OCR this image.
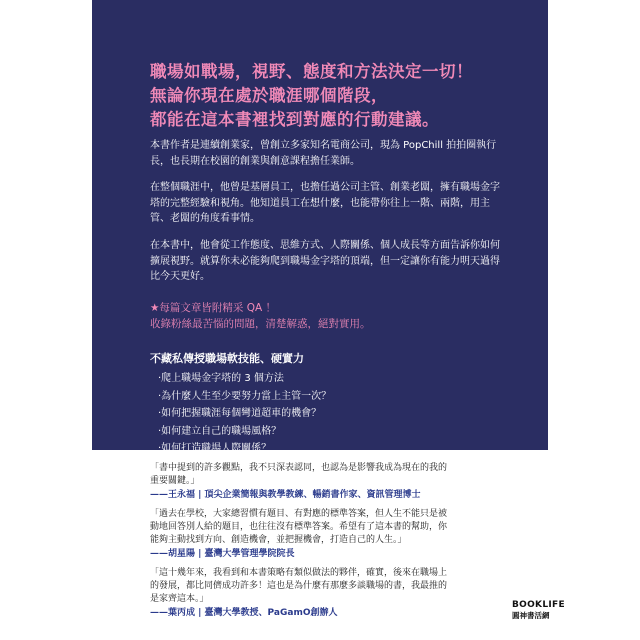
職場如戰場，視野、態度和方法決定一切！
無論你現在處於職涯哪個階段，
都能在這本書裡找到對應的行動建議。

本書作者是連續創業家，曾創立多家知名電商公司，現為 PopChill 拍拍圈執行長，也長期在校園的創業與創意課程擔任業師。

在整個職涯中，他曾是基層員工，也擔任過公司主管、創業老闆，擁有職場金字塔的完整經驗和視角。他知道員工在想什麼，也能帶你往上一階、兩階，用主管、老闆的角度看事情。

在本書中，他會從工作態度、思維方式、人際關係、個人成長等方面告訴你如何擴展視野。就算你未必能夠爬到職場金字塔的頂端，但一定讓你有能力明天過得比今天更好。

★每篇文章皆附精采 QA ！
收錄粉絲最苦惱的問題，清楚解惑，絕對實用。
不藏私傳授職場軟技能、硬實力
·爬上職場金字塔的 3 個方法
·為什麼人生至少要努力當上主管一次？
·如何把握職涯每個彎道超車的機會？
·如何建立自己的職場風格？
·如何打造職場人際關係？
「書中提到的許多觀點，我不只深表認同，也認為是影響我成為現在的我的重要關鍵。」
——王永福 | 頂尖企業簡報與教學教練、暢銷書作家、資訊管理博士
「過去在學校，大家總習慣有題目、有對應的標準答案，但人生不能只是被動地回答別人給的題目，也往往沒有標準答案。希望有了這本書的幫助，你能夠主動找到方向、創造機會，並把握機會，打造自己的人生。」
——胡星陽 | 臺灣大學管理學院院長
「這十幾年來，我看到和本書策略有類似做法的夥伴，確實，後來在職場上的發展，都比同儕成功許多！這也是為什麼有那麼多談職場的書，我最推的是家齊這本。」
——葉丙成 | 臺灣大學教授、PaGamO創辦人
BOOKLIFE
圓神書活網
